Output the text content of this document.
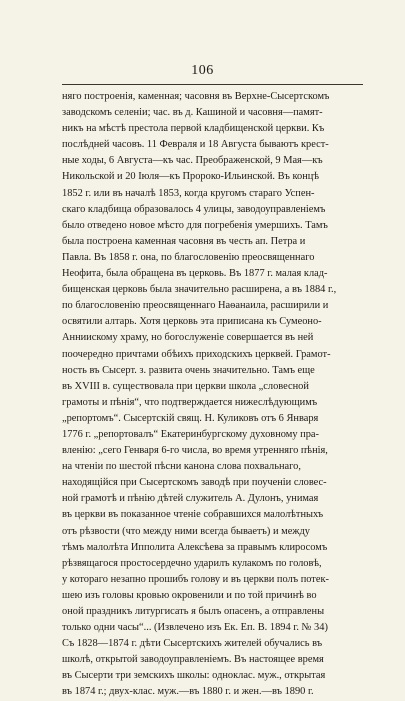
106
няго построенія, каменная; часовня въ Верхне-Сысертскомъ
заводскомъ селеніи; час. въ д. Кашиной и часовня—памят-
никъ на мѣстѣ престола первой кладбищенской церкви. Къ
послѣдней часовъ. 11 Февраля и 18 Августа бываютъ крест-
ные ходы, 6 Августа—къ час. Преображенской, 9 Мая—къ
Никольской и 20 Іюля—къ Пророко-Ильинской. Въ концѣ
1852 г. или въ началѣ 1853, когда кругомъ стараго Успен-
скаго кладбища образовалось 4 улицы, заводоуправленіемъ
было отведено новое мѣсто для погребенія умершихъ. Тамъ
была построена каменная часовня въ честь ап. Петра и
Павла. Въ 1858 г. она, по благословенію преосвященнаго
Неофита, была обращена въ церковь. Въ 1877 г. малая клад-
бищенская церковь была значительно расширена, а въ 1884 г.,
по благословенію преосвященнаго Наѳанаила, расширили и
освятили алтарь. Хотя церковь эта приписана къ Сумеоно-
Анниискому храму, но богослуженіе совершается въ ней
поочередно причтами обѣихъ приходскихъ церквей. Грамот-
ность въ Сысерт. з. развита очень значительно. Тамъ еще
въ XVIII в. существовала при церкви школа „словесной
грамоты и пѣнія“, что подтверждается нижеслѣдующимъ
„репортомъ“. Сысертскій свящ. Н. Куликовъ отъ 6 Января
1776 г. „репортовалъ“ Екатеринбургскому духовному пра-
вленію: „сего Генваря 6-го числа, во время утренняго пѣнія,
на чтеніи по шестой пѣсни канона слова похвальнаго,
находящійся при Сысертскомъ заводѣ при поученіи словес-
ной грамотѣ и пѣнію дѣтей служитель А. Дулонъ, унимая
въ церкви въ показанное чтеніе собравшихся малолѣтныхъ
отъ рѣзвости (что между ними всегда бываетъ) и между
тѣмъ малолѣта Ипполита Алексѣева за правымъ клиросомъ
рѣзвящагося простосердечно ударилъ кулакомъ по головѣ,
у котораго незапно прошибъ голову и въ церкви полъ потек-
шею изъ головы кровью окровенили и по той причинѣ во
оной праздникъ литургисать я былъ опасенъ, а отправлены
только одни часы“... (Извлечено изъ Ек. Еп. В. 1894 г. № 34)
Съ 1828—1874 г. дѣти Сысертскихъ жителей обучались въ
школѣ, открытой заводоуправленіемъ. Въ настоящее время
въ Сысерти три земскихъ школы: одноклас. муж., открытая
въ 1874 г.; двух-клас. муж.—въ 1880 г. и жен.—въ 1890 г.
